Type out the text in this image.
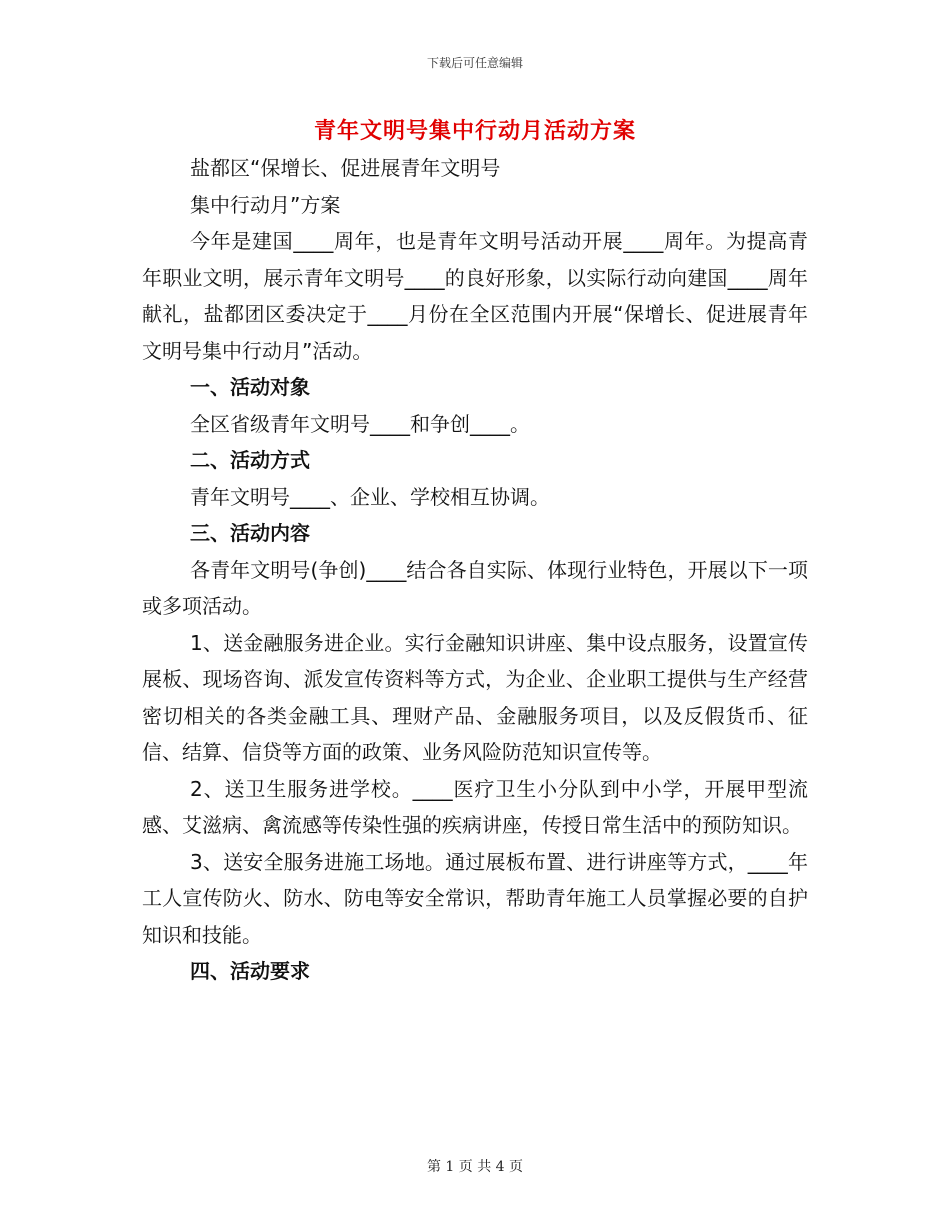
下载后可任意编辑
青年文明号集中行动月活动方案

盐都区“保增长、促进展青年文明号

集中行动月”方案

今年是建国____周年，也是青年文明号活动开展____周年。为提高青年职业文明，展示青年文明号____的良好形象，以实际行动向建国____周年献礼，盐都团区委决定于____月份在全区范围内开展“保增长、促进展青年文明号集中行动月”活动。

一、活动对象

全区省级青年文明号____和争创____。

二、活动方式

青年文明号____、企业、学校相互协调。

三、活动内容

各青年文明号(争创)____结合各自实际、体现行业特色，开展以下一项或多项活动。

1、送金融服务进企业。实行金融知识讲座、集中设点服务，设置宣传展板、现场咨询、派发宣传资料等方式，为企业、企业职工提供与生产经营密切相关的各类金融工具、理财产品、金融服务项目，以及反假货币、征信、结算、信贷等方面的政策、业务风险防范知识宣传等。

2、送卫生服务进学校。____医疗卫生小分队到中小学，开展甲型流感、艾滋病、禽流感等传染性强的疾病讲座，传授日常生活中的预防知识。

3、送安全服务进施工场地。通过展板布置、进行讲座等方式，____年工人宣传防火、防水、防电等安全常识，帮助青年施工人员掌握必要的自护知识和技能。

四、活动要求

第 1 页 共 4 页
